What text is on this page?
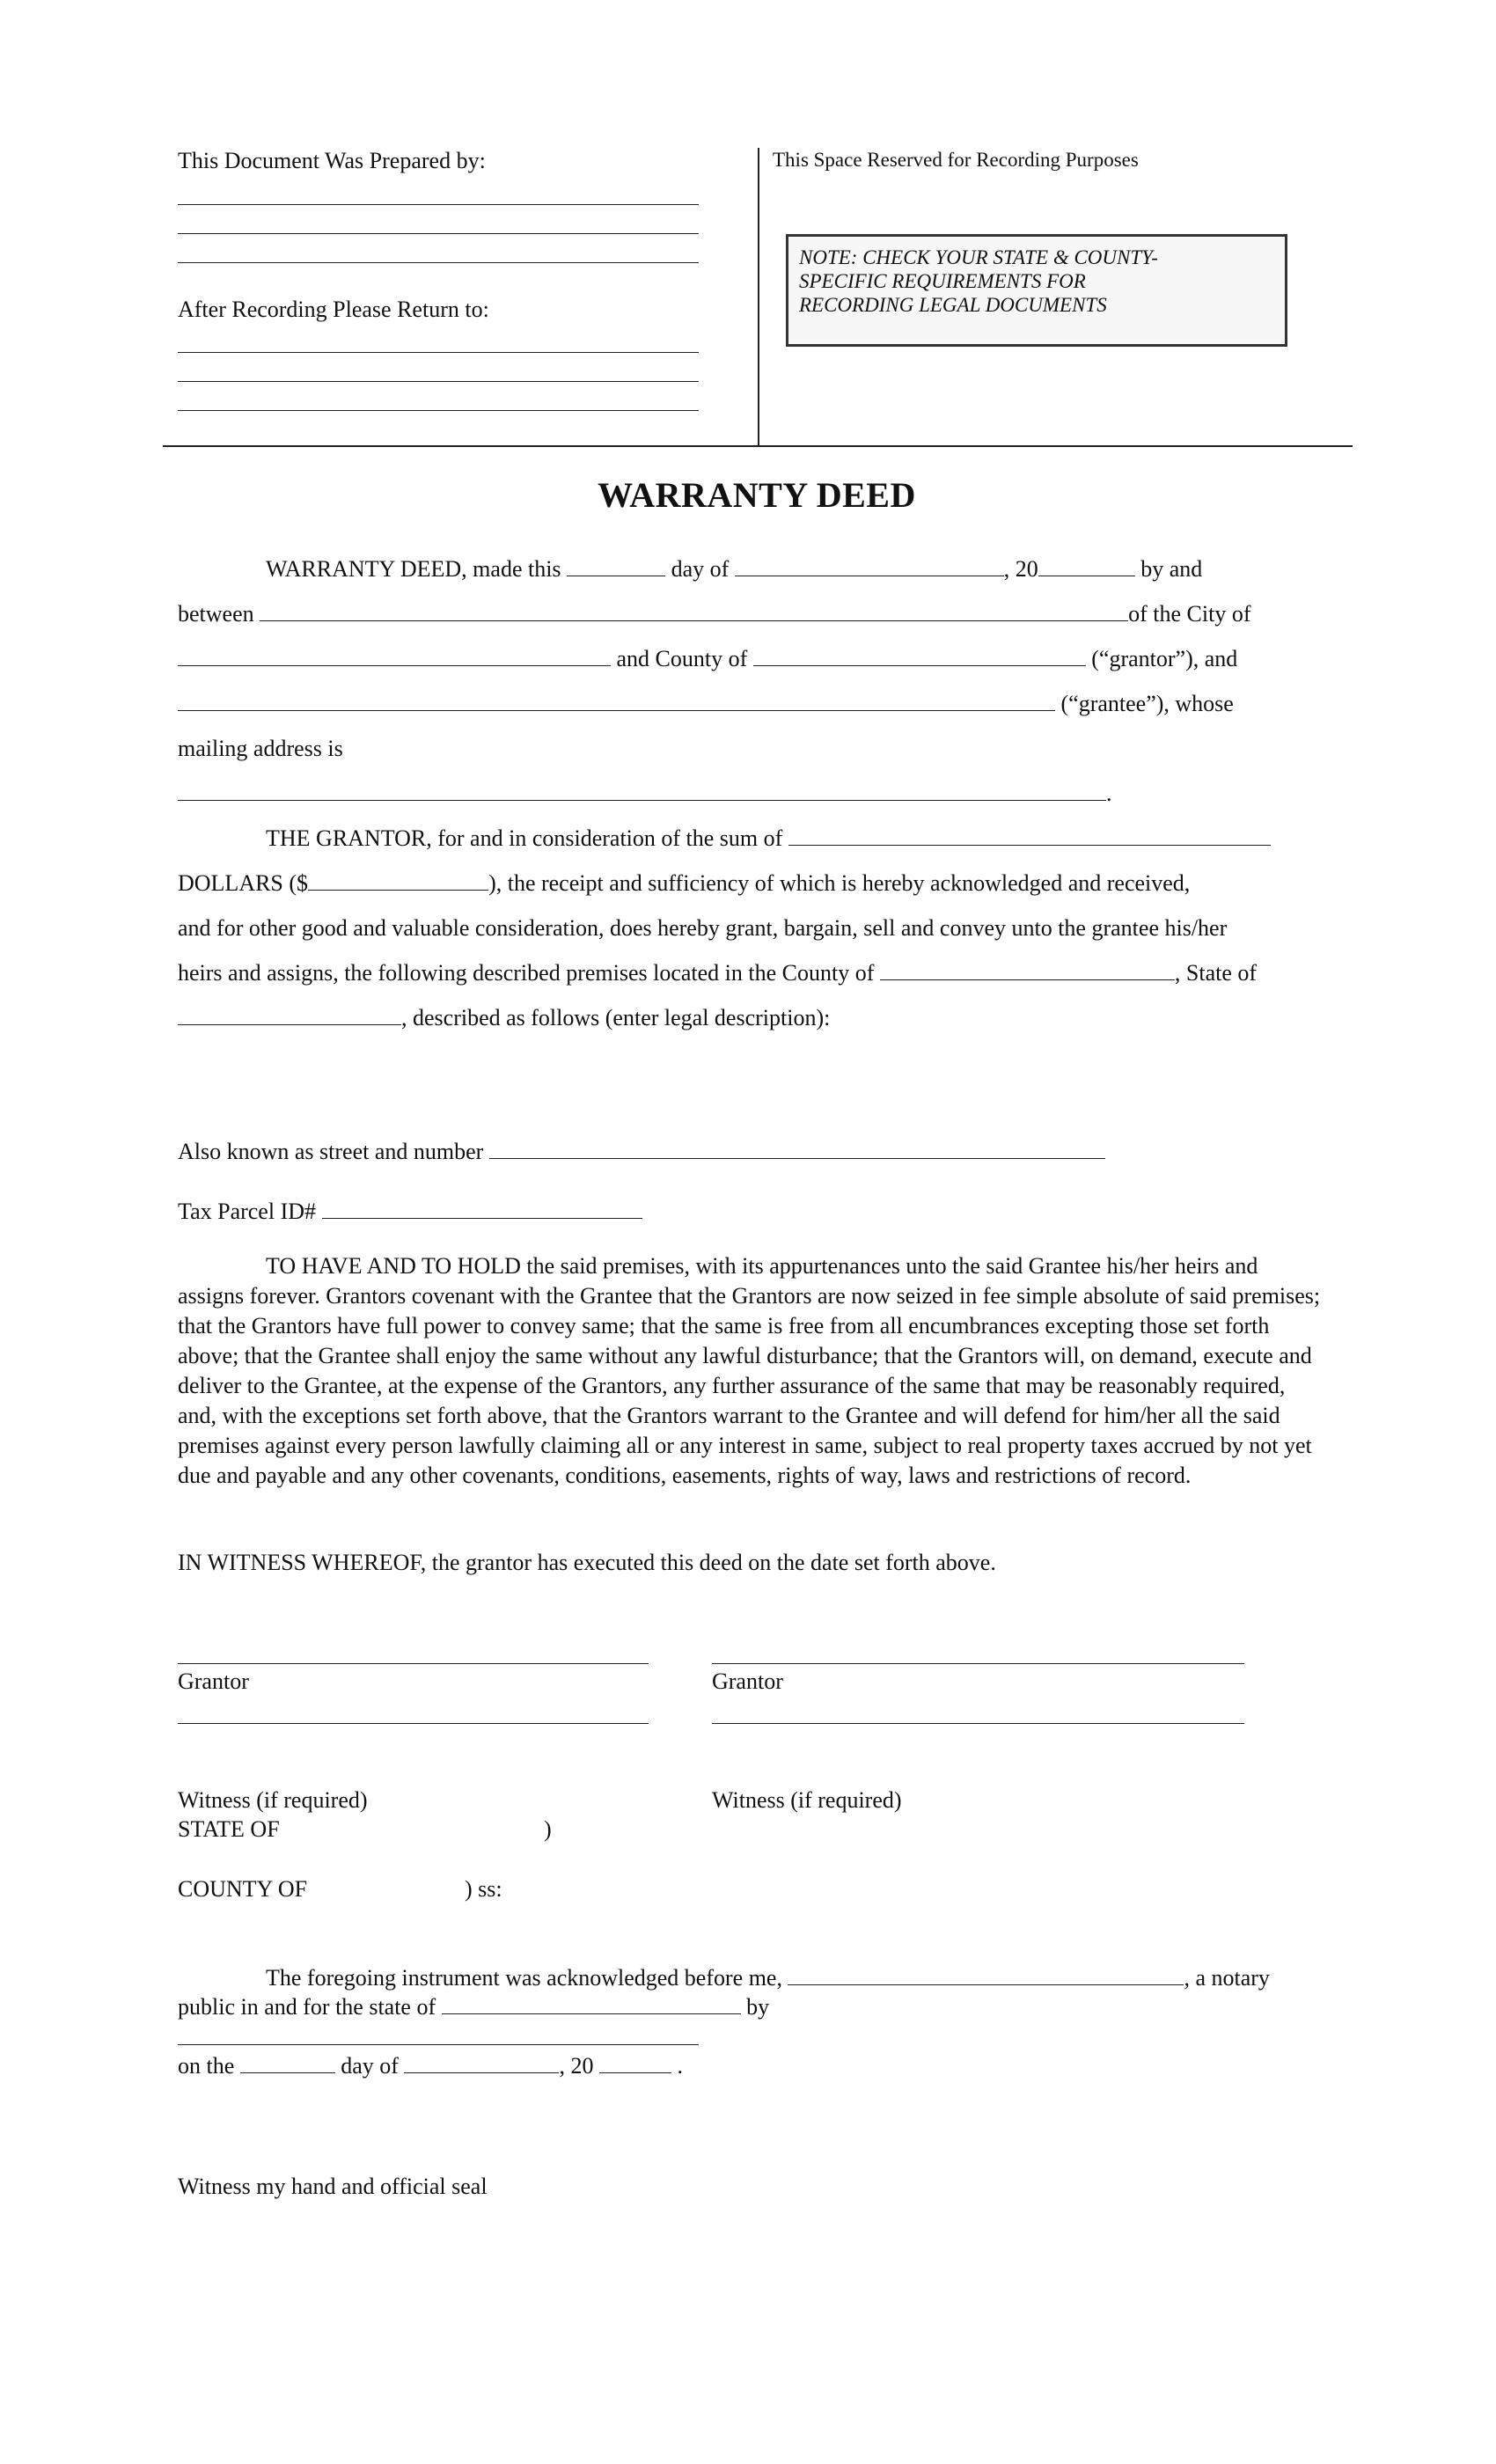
This Document Was Prepared by:
After Recording Please Return to:
This Space Reserved for Recording Purposes
NOTE: CHECK YOUR STATE & COUNTY-
SPECIFIC REQUIREMENTS FOR
RECORDING LEGAL DOCUMENTS
WARRANTY DEED
WARRANTY DEED, made this	day of	, 20	by and
between	of the City of
and County of	(“grantor”), and
(“grantee”), whose
mailing address is
.
THE GRANTOR, for and in consideration of the sum of
DOLLARS ($	), the receipt and sufficiency of which is hereby acknowledged and received,
and for other good and valuable consideration, does hereby grant, bargain, sell and convey unto the grantee his/her
heirs and assigns, the following described premises located in the County of	, State of
, described as follows (enter legal description):
Also known as street and number
Tax Parcel ID#

TO HAVE AND TO HOLD the said premises, with its appurtenances unto the said Grantee his/her heirs and assigns forever. Grantors covenant with the Grantee that the Grantors are now seized in fee simple absolute of said premises; that the Grantors have full power to convey same; that the same is free from all encumbrances excepting those set forth above; that the Grantee shall enjoy the same without any lawful disturbance; that the Grantors will, on demand, execute and deliver to the Grantee, at the expense of the Grantors, any further assurance of the same that may be reasonably required, and, with the exceptions set forth above, that the Grantors warrant to the Grantee and will defend for him/her all the said premises against every person lawfully claiming all or any interest in same, subject to real property taxes accrued by not yet due and payable and any other covenants, conditions, easements, rights of way, laws and restrictions of record.

IN WITNESS WHEREOF, the grantor has executed this deed on the date set forth above.
Grantor	Grantor
Witness (if required)	Witness (if required)
STATE OF	)
COUNTY OF	) ss:
The foregoing instrument was acknowledged before me,	, a notary
public in and for the state of	by
on the	day of	, 20	.
Witness my hand and official seal
